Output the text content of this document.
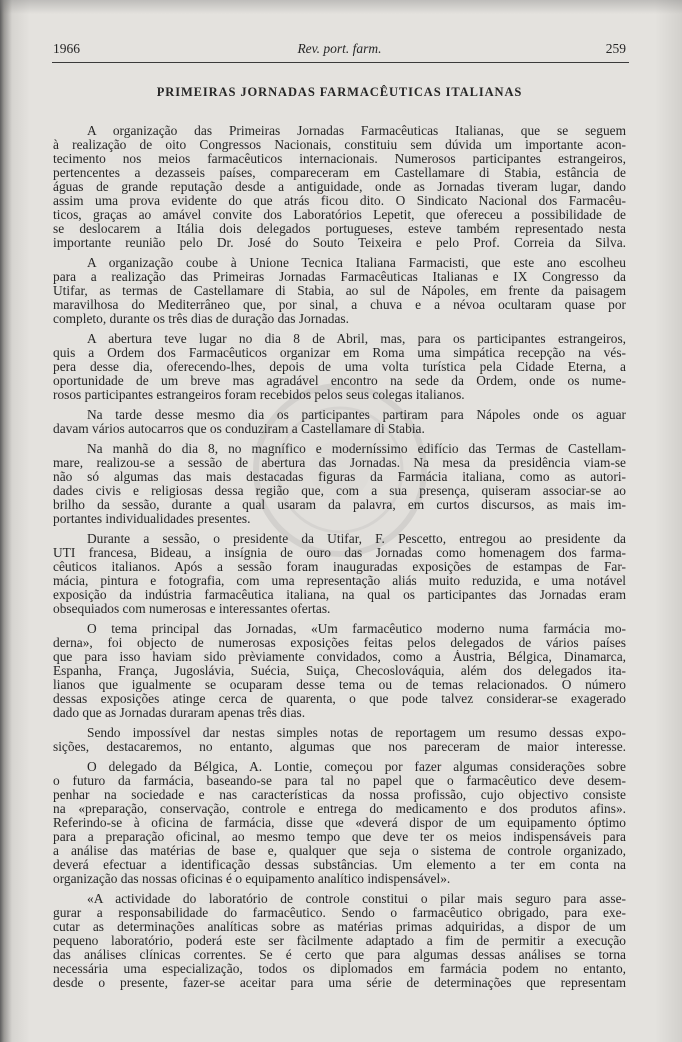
1966	Rev. port. farm.	259
PRIMEIRAS JORNADAS FARMACÊUTICAS ITALIANAS
A organização das Primeiras Jornadas Farmacêuticas Italianas, que se seguem
à realização de oito Congressos Nacionais, constituiu sem dúvida um importante acon-
tecimento nos meios farmacêuticos internacionais. Numerosos participantes estrangeiros,
pertencentes a dezasseis países, compareceram em Castellamare di Stabia, estância de
águas de grande reputação desde a antiguidade, onde as Jornadas tiveram lugar, dando
assim uma prova evidente do que atrás ficou dito. O Sindicato Nacional dos Farmacêu-
ticos, graças ao amável convite dos Laboratórios Lepetit, que ofereceu a possibilidade de
se deslocarem a Itália dois delegados portugueses, esteve também representado nesta
importante reunião pelo Dr. José do Souto Teixeira e pelo Prof. Correia da Silva.
A organização coube à Unione Tecnica Italiana Farmacisti, que este ano escolheu
para a realização das Primeiras Jornadas Farmacêuticas Italianas e IX Congresso da
Utifar, as termas de Castellamare di Stabia, ao sul de Nápoles, em frente da paisagem
maravilhosa do Mediterrâneo que, por sinal, a chuva e a névoa ocultaram quase por
completo, durante os três dias de duração das Jornadas.
A abertura teve lugar no dia 8 de Abril, mas, para os participantes estrangeiros,
quis a Ordem dos Farmacêuticos organizar em Roma uma simpática recepção na vés-
pera desse dia, oferecendo-lhes, depois de uma volta turística pela Cidade Eterna, a
oportunidade de um breve mas agradável encontro na sede da Ordem, onde os nume-
rosos participantes estrangeiros foram recebidos pelos seus colegas italianos.
Na tarde desse mesmo dia os participantes partiram para Nápoles onde os aguar
davam vários autocarros que os conduziram a Castellamare di Stabia.
Na manhã do dia 8, no magnífico e moderníssimo edifício das Termas de Castellam-
mare, realizou-se a sessão de abertura das Jornadas. Na mesa da presidência viam-se
não só algumas das mais destacadas figuras da Farmácia italiana, como as autori-
dades civis e religiosas dessa região que, com a sua presença, quiseram associar-se ao
brilho da sessão, durante a qual usaram da palavra, em curtos discursos, as mais im-
portantes individualidades presentes.
Durante a sessão, o presidente da Utifar, F. Pescetto, entregou ao presidente da
UTI francesa, Bideau, a insígnia de ouro das Jornadas como homenagem dos farma-
cêuticos italianos. Após a sessão foram inauguradas exposições de estampas de Far-
mácia, pintura e fotografia, com uma representação aliás muito reduzida, e uma notável
exposição da indústria farmacêutica italiana, na qual os participantes das Jornadas eram
obsequiados com numerosas e interessantes ofertas.
O tema principal das Jornadas, «Um farmacêutico moderno numa farmácia mo-
derna», foi objecto de numerosas exposições feitas pelos delegados de vários países
que para isso haviam sido prèviamente convidados, como a Áustria, Bélgica, Dinamarca,
Espanha, França, Jugoslávia, Suécia, Suiça, Checoslováquia, além dos delegados ita-
lianos que igualmente se ocuparam desse tema ou de temas relacionados. O número
dessas exposições atinge cerca de quarenta, o que pode talvez considerar-se exagerado
dado que as Jornadas duraram apenas três dias.
Sendo impossível dar nestas simples notas de reportagem um resumo dessas expo-
sições, destacaremos, no entanto, algumas que nos pareceram de maior interesse.
O delegado da Bélgica, A. Lontie, começou por fazer algumas considerações sobre
o futuro da farmácia, baseando-se para tal no papel que o farmacêutico deve desem-
penhar na sociedade e nas características da nossa profissão, cujo objectivo consiste
na «preparação, conservação, controle e entrega do medicamento e dos produtos afins».
Referindo-se à oficina de farmácia, disse que «deverá dispor de um equipamento óptimo
para a preparação oficinal, ao mesmo tempo que deve ter os meios indispensáveis para
a análise das matérias de base e, qualquer que seja o sistema de controle organizado,
deverá efectuar a identificação dessas substâncias. Um elemento a ter em conta na
organização das nossas oficinas é o equipamento analítico indispensável».
«A actividade do laboratório de controle constitui o pilar mais seguro para asse-
gurar a responsabilidade do farmacêutico. Sendo o farmacêutico obrigado, para exe-
cutar as determinações analíticas sobre as matérias primas adquiridas, a dispor de um
pequeno laboratório, poderá este ser fàcilmente adaptado a fim de permitir a execução
das análises clínicas correntes. Se é certo que para algumas dessas análises se torna
necessária uma especialização, todos os diplomados em farmácia podem no entanto,
desde o presente, fazer-se aceitar para uma série de determinações que representam
